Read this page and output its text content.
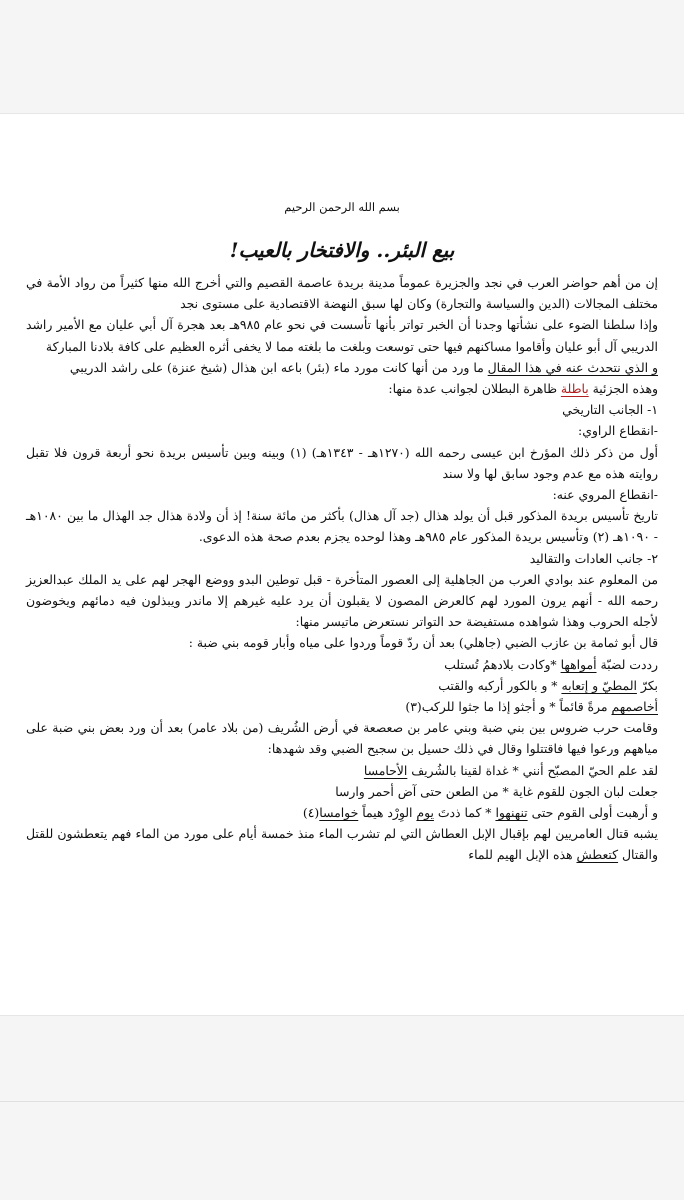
بسم الله الرحمن الرحيم

بيع البئر.. والافتخار بالعيب!

إن من أهم حواضر العرب في نجد والجزيرة عموماً مدينة بريدة عاصمة القصيم والتي أخرج الله منها كثيراً من رواد الأمة في مختلف المجالات (الدين والسياسة والتجارة) وكان لها سبق النهضة الاقتصادية على مستوى نجد

وإذا سلطنا الضوء على نشأتها وجدنا أن الخبر تواتر بأنها تأسست في نحو عام ٩٨٥هـ بعد هجرة آل أبي عليان مع الأمير راشد الدريبي آل أبو عليان وأقاموا مساكنهم فيها حتى توسعت وبلغت ما بلغته مما لا يخفى أثره العظيم على كافة بلادنا المباركة

و الذي نتحدث عنه في هذا المقال ما ورد من أنها كانت مورد ماء (بئر) باعه ابن هذال (شيخ عنزة) على راشد الدريبي

وهذه الجزئية باطلة ظاهرة البطلان لجوانب عدة منها:

١- الجانب التاريخي

-انقطاع الراوي:

أول من ذكر ذلك المؤرخ ابن عيسى رحمه الله (١٢٧٠هـ - ١٣٤٣هـ) (١) وبينه وبين تأسيس بريدة نحو أربعة قرون فلا تقبل روايته هذه مع عدم وجود سابق لها ولا سند

-انقطاع المروي عنه:

تاريخ تأسيس بريدة المذكور قبل أن يولد هذال (جد آل هذال) بأكثر من مائة سنة! إذ أن ولادة هذال جد الهذال ما بين ١٠٨٠هـ - ١٠٩٠هـ (٢) وتأسيس بريدة المذكور عام ٩٨٥هـ وهذا لوحده يجزم بعدم صحة هذه الدعوى.

٢- جانب العادات والتقاليد

من المعلوم عند بوادي العرب من الجاهلية إلى العصور المتأخرة - قبل توطين البدو ووضع الهجر لهم على يد الملك عبدالعزيز رحمه الله - أنهم يرون المورد لهم كالعرض المصون لا يقبلون أن يرد عليه غيرهم إلا ماندر ويبذلون فيه دمائهم ويخوضون لأجله الحروب وهذا شواهده مستفيضة حد التواتر نستعرض ماتيسر منها:

قال أبو ثمامة بن عازب الضبي (جاهلي) بعد أن ردّ قوماً وردوا على مياه وأبار قومه بني ضبة :

رددت لضبّة أمواهها *وكادت بلادهمُ تُستلب

بكرّ المطيّ و إتعابه * و بالكور أركبه والقتب

أخاصمهم مرةً قائماً * و أجثو إذا ما جثوا للركب(٣)

وقامت حرب ضروس بين بني ضبة وبني عامر بن صعصعة في أرض الشُريف (من بلاد عامر) بعد أن ورد بعض بني ضبة على مياههم ورعوا فيها فاقتتلوا وقال في ذلك حسيل بن سجيح الضبي وقد شهدها:

لقد علم الحيّ المصبّح أنني * غداة لقينا بالشُريف الأحامسا

جعلت لبان الجون للقوم غاية * من الطعن حتى آض أحمر وارسا

و أرهبت أولى القوم حتى تنهنهوا * كما ذدتَ يوم الوِرْد هيماً خوامسا(٤)

يشبه قتال العامريين لهم بإقبال الإبل العطاش التي لم تشرب الماء منذ خمسة أيام على مورد من الماء فهم يتعطشون للقتل والقتال كتعطش هذه الإبل الهيم للماء
